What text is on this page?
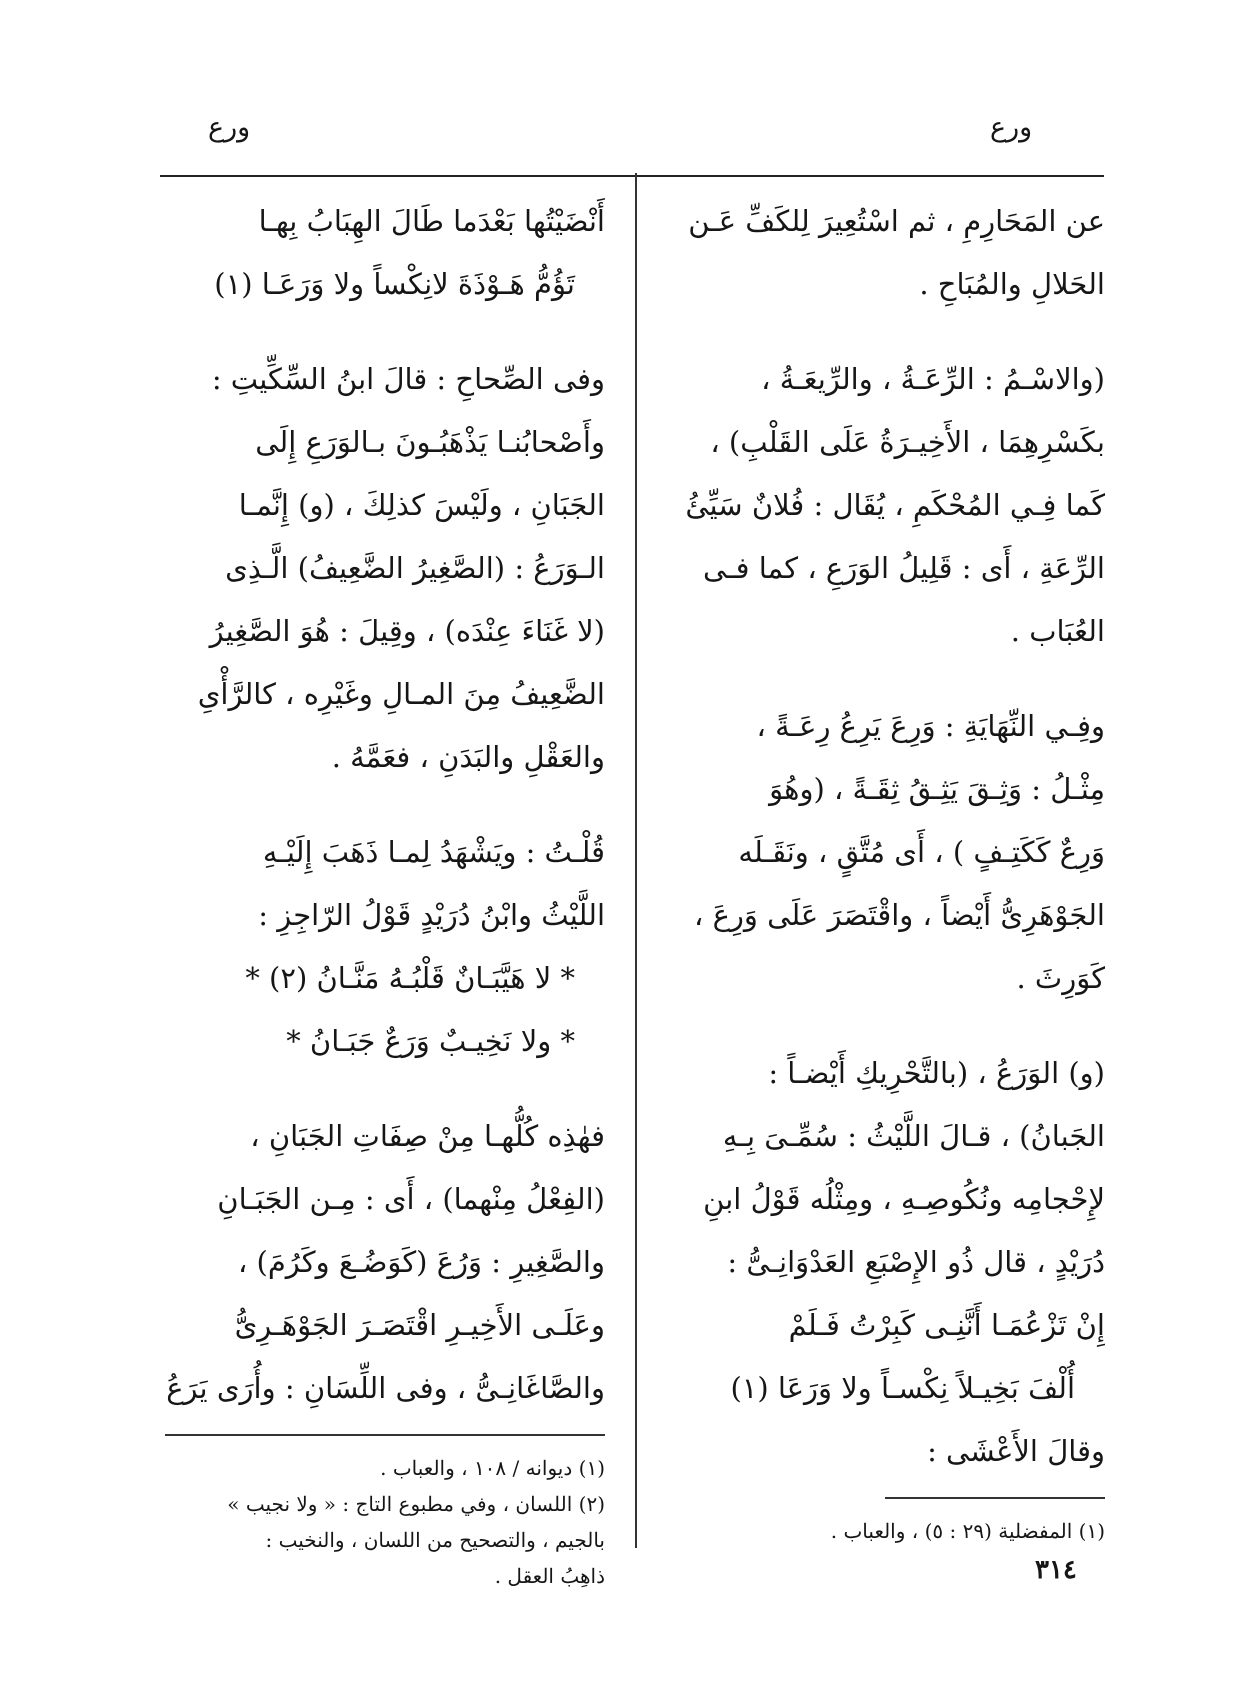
ورع
ورع
عن المَحَارِمِ ، ثم اسْتُعِيرَ لِلكَفِّ عَـن
الحَلالِ والمُبَاحِ .
(والاسْـمُ : الرِّعَـةُ ، والرِّيعَـةُ ،
بكَسْرِهِمَا ، الأَخِيـرَةُ عَلَى القَلْبِ) ،
كَما فِـي المُحْكَمِ ، يُقَال : فُلانٌ سَيِّئُ
الرِّعَةِ ، أَى : قَلِيلُ الوَرَعِ ، كما فـى
العُبَاب .
وفِـي النِّهَايَةِ : وَرِعَ يَرِعُ رِعَـةً ،
مِثْـلُ : وَثِـقَ يَثِـقُ ثِقَـةً ، (وهُوَ
وَرِعٌ كَكَتِـفٍ ) ، أَى مُتَّقٍ ، ونَقَـلَه
الجَوْهَرِىُّ أَيْضاً ، واقْتَصَرَ عَلَى وَرِعَ ،
كَوَرِثَ .
(و) الوَرَعُ ، (بالتَّحْرِيكِ أَيْضـاً :
الجَبانُ) ، قـالَ اللَّيْثُ : سُمِّـىَ بِـهِ
لإِحْجامِه ونُكُوصِـهِ ، ومِثْلُه قَوْلُ ابنِ
دُرَيْدٍ ، قال ذُو الإِصْبَعِ العَدْوَانِـىُّ :
إِنْ تَزْعُمَـا أَنَّنِـى كَبِرْتُ فَـلَمْ
أُلْفَ بَخِيـلاً نِكْسـاً ولا وَرَعَا (١)
وقالَ الأَعْشَى :
(١) المفضلية (٢٩ : ٥) ، والعباب .
أَنْضَيْتُها بَعْدَما طَالَ الهِبَابُ بِهـا
تَؤُمُّ هَـوْذَةَ لانِكْساً ولا وَرَعَـا (١)
وفى الصِّحاحِ : قالَ ابنُ السِّكِّيتِ :
وأَصْحابُنـا يَذْهَبُـونَ بـالوَرَعِ إِلَى
الجَبَانِ ، ولَيْسَ كذلِكَ ، (و) إِنَّمـا
الـوَرَعُ : (الصَّغِيرُ الضَّعِيفُ) الَّـذِى
(لا غَنَاءَ عِنْدَه) ، وقِيلَ : هُوَ الصَّغِيرُ
الضَّعِيفُ مِنَ المـالِ وغَيْرِه ، كالرَّأْىِ
والعَقْلِ والبَدَنِ ، فعَمَّهُ .
قُلْـتُ : ويَشْهَدُ لِمـا ذَهَبَ إِلَيْـهِ
اللَّيْثُ وابْنُ دُرَيْدٍ قَوْلُ الرّاجِزِ :
* لا هَيَّبَـانٌ قَلْبُـهُ مَنَّـانُ (٢) *
* ولا نَخِيـبٌ وَرَعٌ جَبَـانُ *
فهٰذِه كُلُّهـا مِنْ صِفَاتِ الجَبَانِ ،
(الفِعْلُ مِنْهما) ، أَى : مِـن الجَبَـانِ
والصَّغِيرِ : وَرُعَ (كَوَضُـعَ وكَرُمَ) ،
وعَلَـى الأَخِيـرِ اقْتَصَـرَ الجَوْهَـرِىُّ
والصَّاغَانِـىُّ ، وفى اللِّسَانِ : وأُرَى يَرَعُ
(١) ديوانه / ١٠٨ ، والعباب .
(٢) اللسان ، وفي مطبوع التاج : « ولا نجيب »
بالجيم ، والتصحيح من اللسان ، والنخيب :
ذاهِبُ العقل .	٣١٤
